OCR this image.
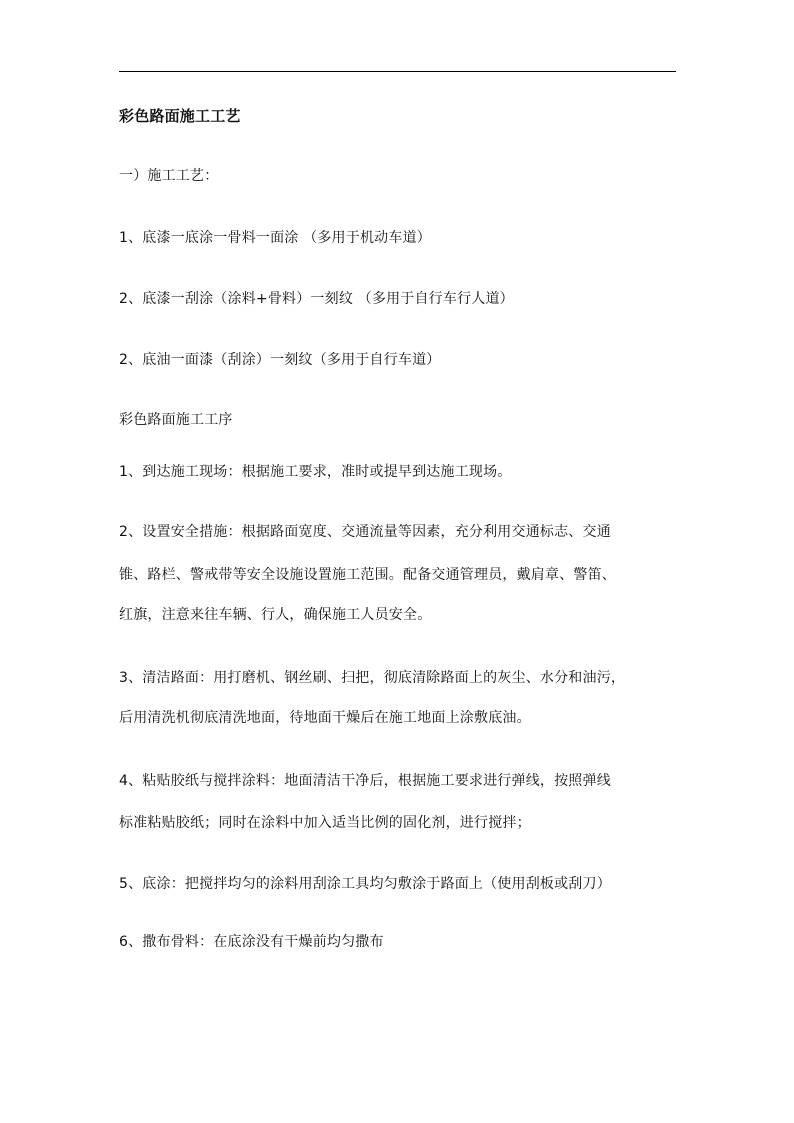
彩色路面施工工艺
一）施工工艺：
1、底漆一底涂一骨料一面涂 （多用于机动车道）
2、底漆一刮涂（涂料+骨料）一刻纹 （多用于自行车行人道）
2、底油一面漆（刮涂）一刻纹（多用于自行车道）
彩色路面施工工序
1、到达施工现场：根据施工要求，准时或提早到达施工现场。
2、设置安全措施：根据路面宽度、交通流量等因素，充分利用交通标志、交通
锥、路栏、警戒带等安全设施设置施工范围。配备交通管理员，戴肩章、警笛、
红旗，注意来往车辆、行人，确保施工人员安全。
3、清洁路面：用打磨机、钢丝刷、扫把，彻底清除路面上的灰尘、水分和油污，
后用清洗机彻底清洗地面，待地面干燥后在施工地面上涂敷底油。
4、粘贴胶纸与搅拌涂料：地面清洁干净后，根据施工要求进行弹线，按照弹线
标准粘贴胶纸；同时在涂料中加入适当比例的固化剂，进行搅拌；
5、底涂：把搅拌均匀的涂料用刮涂工具均匀敷涂于路面上（使用刮板或刮刀）
6、撒布骨料：在底涂没有干燥前均匀撒布
